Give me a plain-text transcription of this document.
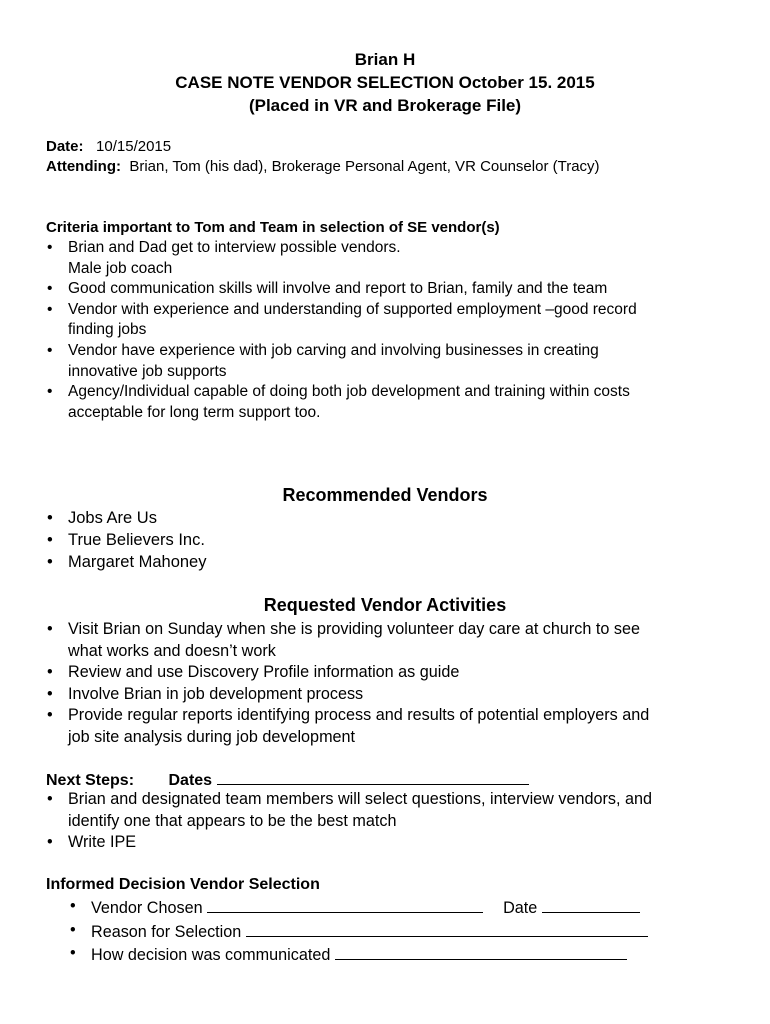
Brian H
CASE NOTE VENDOR SELECTION October 15. 2015
(Placed in VR and Brokerage File)
Date: 10/15/2015
Attending: Brian, Tom (his dad), Brokerage Personal Agent, VR Counselor (Tracy)
Criteria important to Tom and Team in selection of SE vendor(s)
• Brian and Dad get to interview possible vendors.
Male job coach
• Good communication skills will involve and report to Brian, family and the team
• Vendor with experience and understanding of supported employment –good record
finding jobs
• Vendor have experience with job carving and involving businesses in creating
innovative job supports
• Agency/Individual capable of doing both job development and training within costs
acceptable for long term support too.
Recommended Vendors
• Jobs Are Us
• True Believers Inc.
• Margaret Mahoney
Requested Vendor Activities
• Visit Brian on Sunday when she is providing volunteer day care at church to see
what works and doesn’t work
• Review and use Discovery Profile information as guide
• Involve Brian in job development process
• Provide regular reports identifying process and results of potential employers and
job site analysis during job development
Next Steps: Dates
• Brian and designated team members will select questions, interview vendors, and
identify one that appears to be the best match
• Write IPE
Informed Decision Vendor Selection
• Vendor Chosen	Date
• Reason for Selection
• How decision was communicated
